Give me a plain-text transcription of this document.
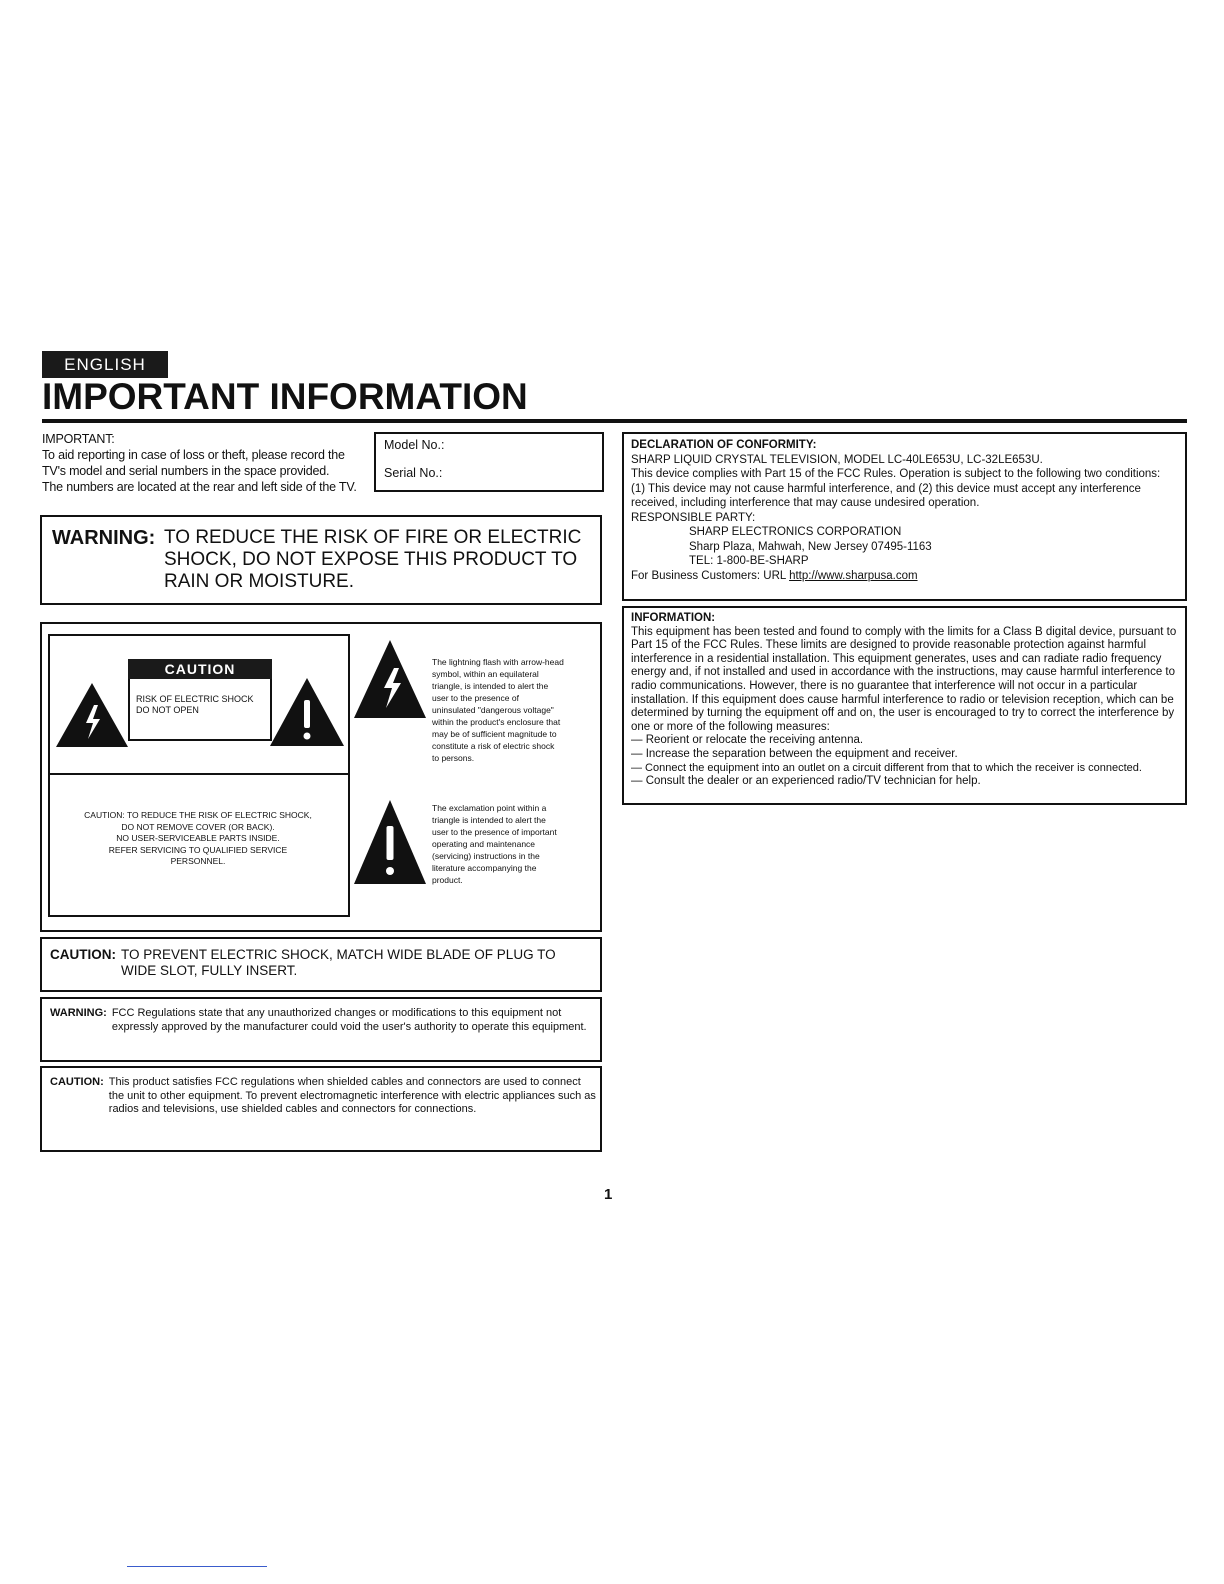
ENGLISH
IMPORTANT INFORMATION
IMPORTANT:
To aid reporting in case of loss or theft, please record the
TV's model and serial numbers in the space provided.
The numbers are located at the rear and left side of the TV.
Model No.:
Serial No.:
WARNING: TO REDUCE THE RISK OF FIRE OR ELECTRIC
SHOCK, DO NOT EXPOSE THIS PRODUCT TO
RAIN OR MOISTURE.
CAUTION
RISK OF ELECTRIC SHOCK
DO NOT OPEN
CAUTION: TO REDUCE THE RISK OF ELECTRIC SHOCK,
DO NOT REMOVE COVER (OR BACK).
NO USER-SERVICEABLE PARTS INSIDE.
REFER SERVICING TO QUALIFIED SERVICE
PERSONNEL.
The lightning flash with arrow-head
symbol, within an equilateral
triangle, is intended to alert the
user to the presence of
uninsulated "dangerous voltage"
within the product's enclosure that
may be of sufficient magnitude to
constitute a risk of electric shock
to persons.
The exclamation point within a
triangle is intended to alert the
user to the presence of important
operating and maintenance
(servicing) instructions in the
literature accompanying the
product.
CAUTION: TO PREVENT ELECTRIC SHOCK, MATCH WIDE BLADE OF PLUG TO WIDE SLOT, FULLY INSERT.
WARNING: FCC Regulations state that any unauthorized changes or modifications to this equipment not expressly approved by the manufacturer could void the user's authority to operate this equipment.
CAUTION: This product satisfies FCC regulations when shielded cables and connectors are used to connect the unit to other equipment. To prevent electromagnetic interference with electric appliances such as radios and televisions, use shielded cables and connectors for connections.
DECLARATION OF CONFORMITY:
SHARP LIQUID CRYSTAL TELEVISION, MODEL LC-40LE653U, LC-32LE653U.
This device complies with Part 15 of the FCC Rules. Operation is subject to the following two conditions:
(1) This device may not cause harmful interference, and (2) this device must accept any interference received, including interference that may cause undesired operation.
RESPONSIBLE PARTY:
SHARP ELECTRONICS CORPORATION
Sharp Plaza, Mahwah, New Jersey 07495-1163
TEL: 1-800-BE-SHARP
For Business Customers: URL http://www.sharpusa.com
INFORMATION:
This equipment has been tested and found to comply with the limits for a Class B digital device, pursuant to Part 15 of the FCC Rules. These limits are designed to provide reasonable protection against harmful interference in a residential installation. This equipment generates, uses and can radiate radio frequency energy and, if not installed and used in accordance with the instructions, may cause harmful interference to radio communications. However, there is no guarantee that interference will not occur in a particular installation. If this equipment does cause harmful interference to radio or television reception, which can be determined by turning the equipment off and on, the user is encouraged to try to correct the interference by one or more of the following measures:
— Reorient or relocate the receiving antenna.
— Increase the separation between the equipment and receiver.
— Connect the equipment into an outlet on a circuit different from that to which the receiver is connected.
— Consult the dealer or an experienced radio/TV technician for help.
1
